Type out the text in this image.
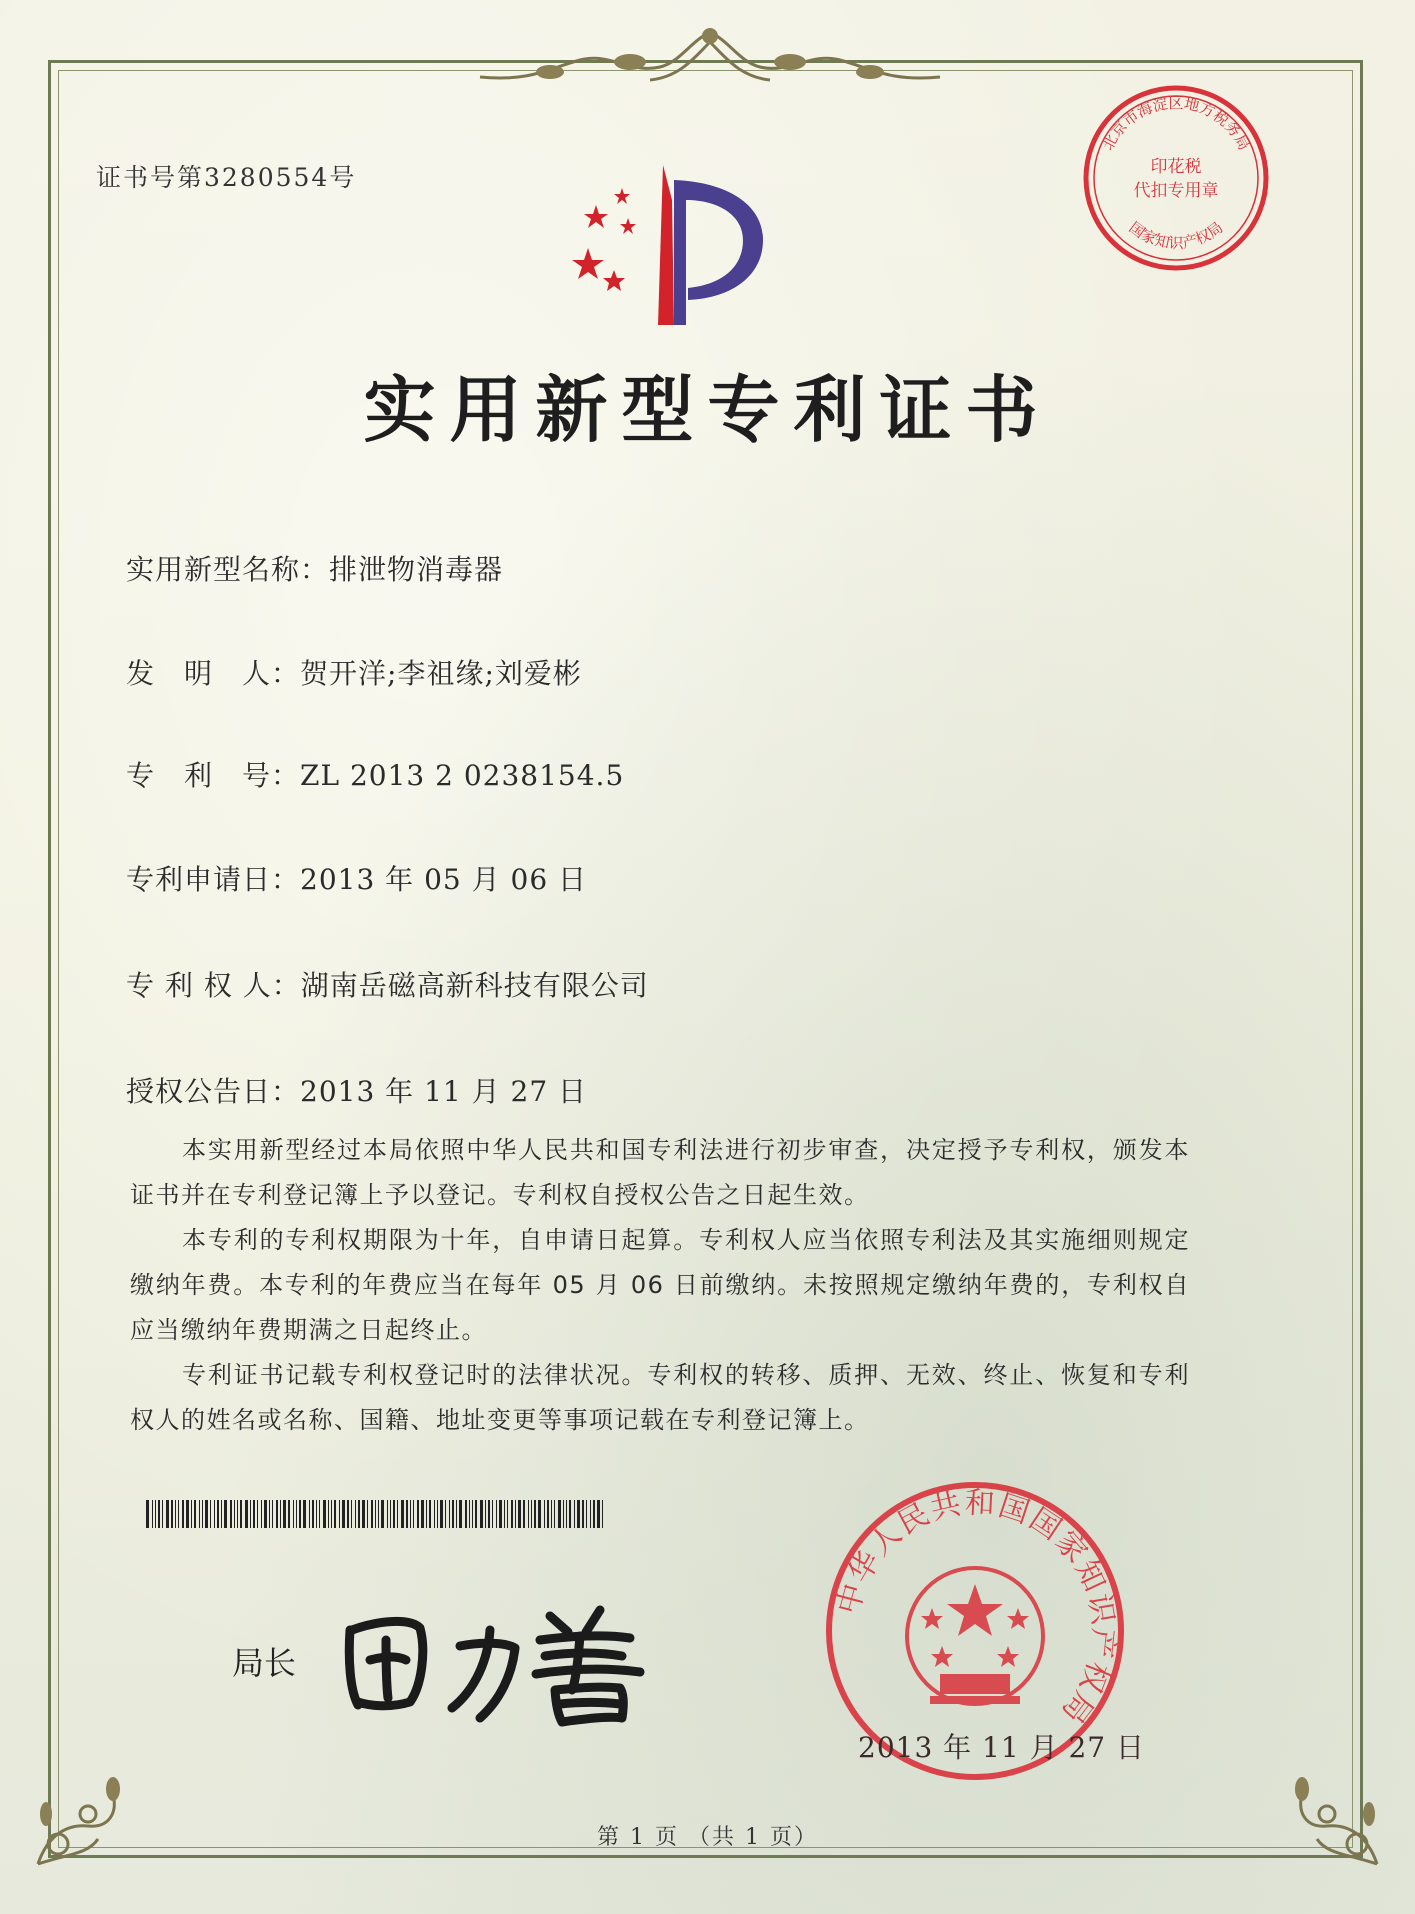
证书号第3280554号
实用新型专利证书
北京市海淀区地方税务局
国家知识产权局
印花税
代扣专用章
实用新型名称：排泄物消毒器
发　明　人：贺开洋;李祖缘;刘爱彬
专　利　号：ZL 2013 2 0238154.5
专利申请日：2013 年 05 月 06 日
专 利 权 人：湖南岳磁高新科技有限公司
授权公告日：2013 年 11 月 27 日

本实用新型经过本局依照中华人民共和国专利法进行初步审查，决定授予专利权，颁发本证书并在专利登记簿上予以登记。专利权自授权公告之日起生效。

本专利的专利权期限为十年，自申请日起算。专利权人应当依照专利法及其实施细则规定缴纳年费。本专利的年费应当在每年 05 月 06 日前缴纳。未按照规定缴纳年费的，专利权自应当缴纳年费期满之日起终止。

专利证书记载专利权登记时的法律状况。专利权的转移、质押、无效、终止、恢复和专利权人的姓名或名称、国籍、地址变更等事项记载在专利登记簿上。

局长
中华人民共和国国家知识产权局
2013 年 11 月 27 日
第 1 页 （共 1 页）
